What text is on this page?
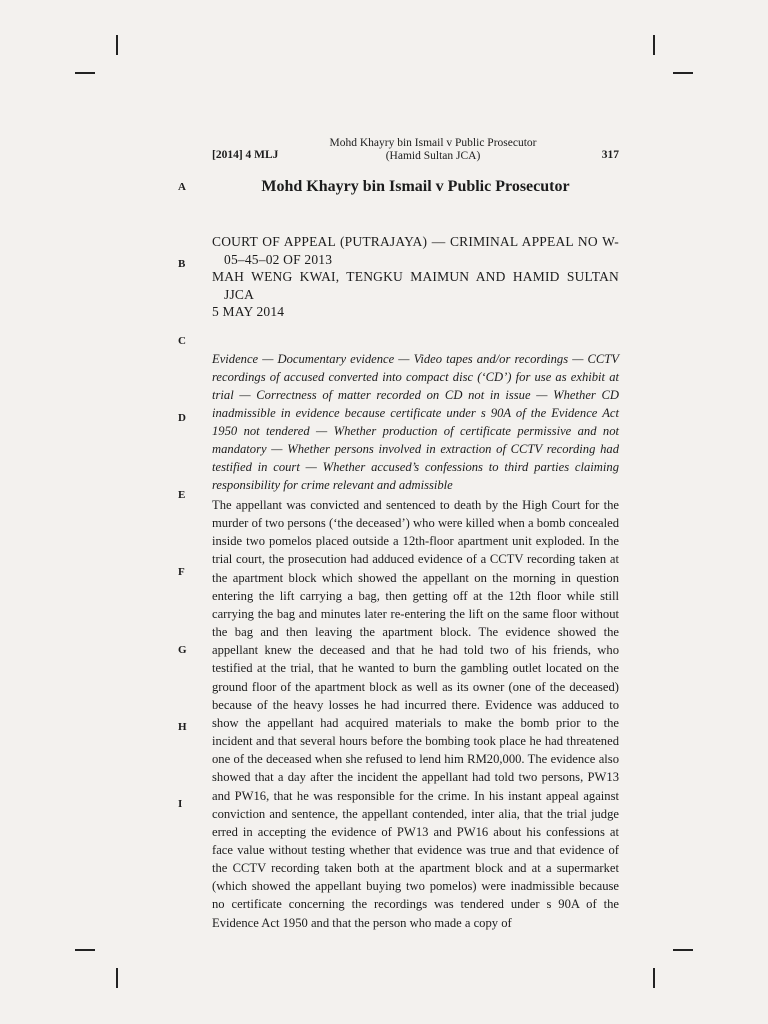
[2014] 4 MLJ
Mohd Khayry bin Ismail v Public Prosecutor
(Hamid Sultan JCA)	317
A
B
C
D
E
F
G
H
I
Mohd Khayry bin Ismail v Public Prosecutor
COURT OF APPEAL (PUTRAJAYA) — CRIMINAL APPEAL NO W-05–45–02 OF 2013
MAH WENG KWAI, TENGKU MAIMUN AND HAMID SULTAN JJCA
5 MAY 2014
Evidence — Documentary evidence — Video tapes and/or recordings — CCTV recordings of accused converted into compact disc (‘CD’) for use as exhibit at trial — Correctness of matter recorded on CD not in issue — Whether CD inadmissible in evidence because certificate under s 90A of the Evidence Act 1950 not tendered — Whether production of certificate permissive and not mandatory — Whether persons involved in extraction of CCTV recording had testified in court — Whether accused’s confessions to third parties claiming responsibility for crime relevant and admissible
The appellant was convicted and sentenced to death by the High Court for the murder of two persons (‘the deceased’) who were killed when a bomb concealed inside two pomelos placed outside a 12th-floor apartment unit exploded. In the trial court, the prosecution had adduced evidence of a CCTV recording taken at the apartment block which showed the appellant on the morning in question entering the lift carrying a bag, then getting off at the 12th floor while still carrying the bag and minutes later re-entering the lift on the same floor without the bag and then leaving the apartment block. The evidence showed the appellant knew the deceased and that he had told two of his friends, who testified at the trial, that he wanted to burn the gambling outlet located on the ground floor of the apartment block as well as its owner (one of the deceased) because of the heavy losses he had incurred there. Evidence was adduced to show the appellant had acquired materials to make the bomb prior to the incident and that several hours before the bombing took place he had threatened one of the deceased when she refused to lend him RM20,000. The evidence also showed that a day after the incident the appellant had told two persons, PW13 and PW16, that he was responsible for the crime. In his instant appeal against conviction and sentence, the appellant contended, inter alia, that the trial judge erred in accepting the evidence of PW13 and PW16 about his confessions at face value without testing whether that evidence was true and that evidence of the CCTV recording taken both at the apartment block and at a supermarket (which showed the appellant buying two pomelos) were inadmissible because no certificate concerning the recordings was tendered under s 90A of the Evidence Act 1950 and that the person who made a copy of
